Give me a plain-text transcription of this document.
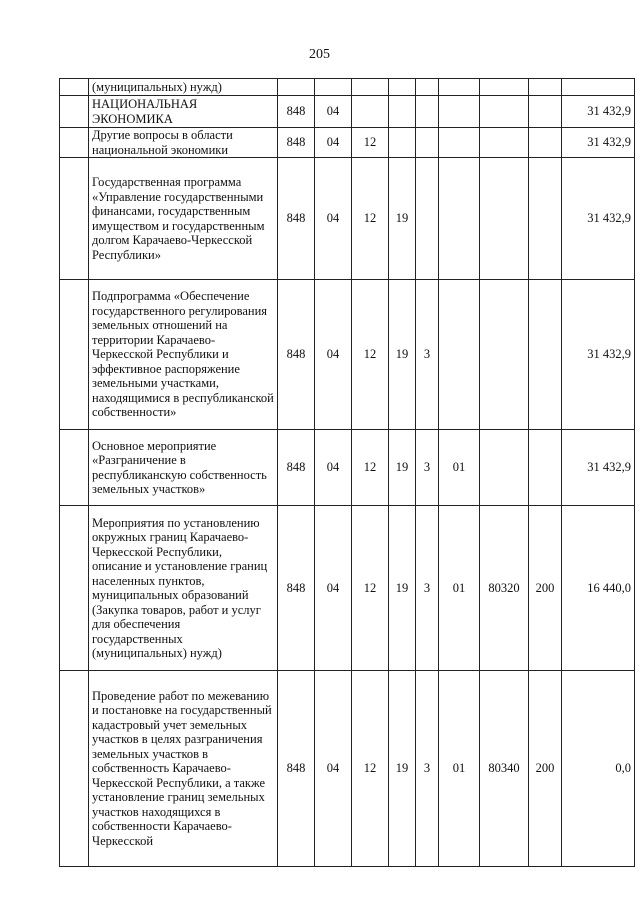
205
	(муниципальных) нужд)									
	НАЦИОНАЛЬНАЯ ЭКОНОМИКА	848	04							31 432,9
	Другие вопросы в области национальной экономики	848	04	12						31 432,9
	Государственная программа «Управление государственными финансами, государственным имуществом и государственным долгом Карачаево-Черкесской Республики»	848	04	12	19					31 432,9
	Подпрограмма «Обеспечение государственного регулирования земельных отношений на территории Карачаево-Черкесской Республики и эффективное распоряжение земельными участками, находящимися в республиканской собственности»	848	04	12	19	3				31 432,9
	Основное мероприятие «Разграничение в республиканскую собственность земельных участков»	848	04	12	19	3	01			31 432,9
	Мероприятия по установлению окружных границ Карачаево-Черкесской Республики, описание и установление границ населенных пунктов, муниципальных образований (Закупка товаров, работ и услуг для обеспечения государственных (муниципальных) нужд)	848	04	12	19	3	01	80320	200	16 440,0
	Проведение работ по межеванию и постановке на государственный кадастровый учет земельных участков в целях разграничения земельных участков в собственность Карачаево-Черкесской Республики, а также установление границ земельных участков находящихся в собственности Карачаево-Черкесской	848	04	12	19	3	01	80340	200	0,0
